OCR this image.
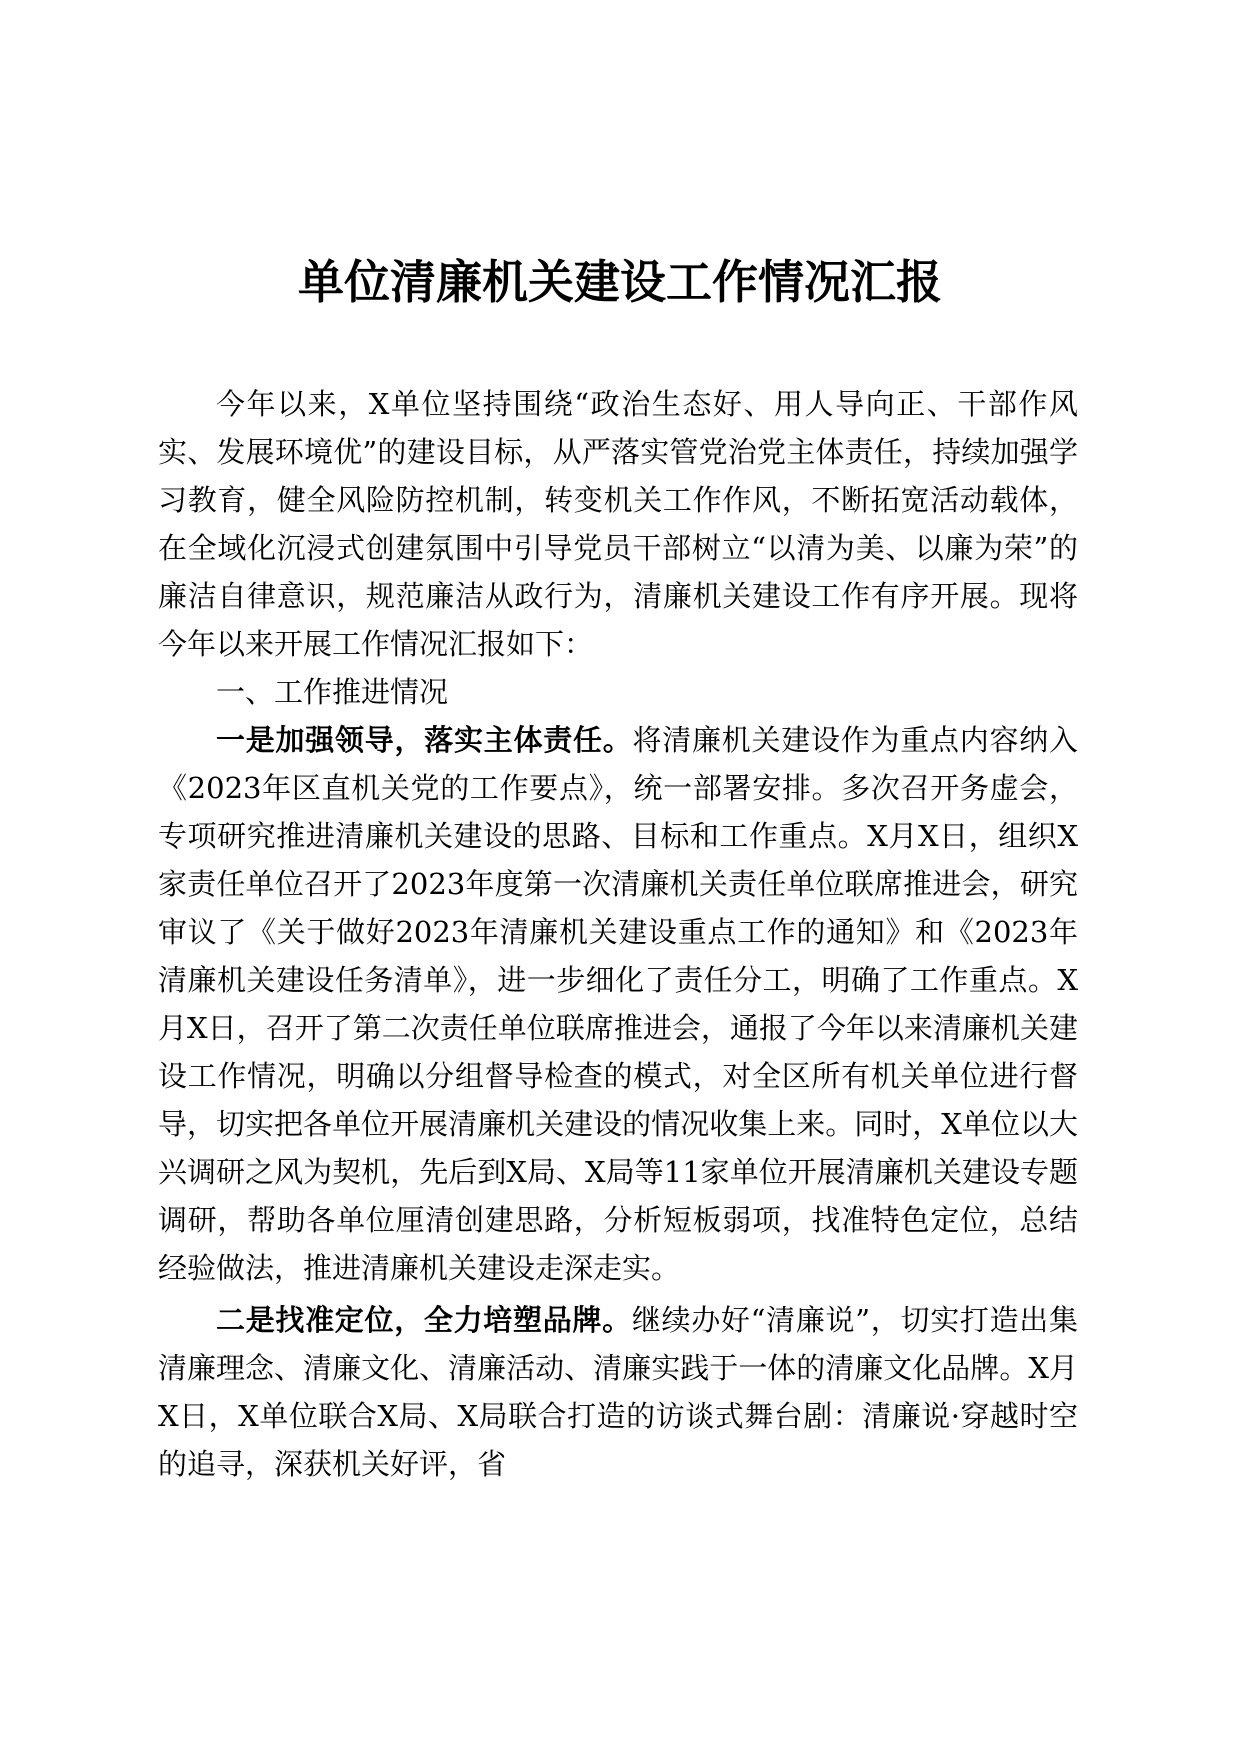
单位清廉机关建设工作情况汇报

今年以来，X单位坚持围绕“政治生态好、用人导向正、干部作风实、发展环境优”的建设目标，从严落实管党治党主体责任，持续加强学习教育，健全风险防控机制，转变机关工作作风，不断拓宽活动载体，在全域化沉浸式创建氛围中引导党员干部树立“以清为美、以廉为荣”的廉洁自律意识，规范廉洁从政行为，清廉机关建设工作有序开展。现将今年以来开展工作情况汇报如下：

一、工作推进情况

一是加强领导，落实主体责任。将清廉机关建设作为重点内容纳入《2023年区直机关党的工作要点》，统一部署安排。多次召开务虚会，专项研究推进清廉机关建设的思路、目标和工作重点。X月X日，组织X家责任单位召开了2023年度第一次清廉机关责任单位联席推进会，研究审议了《关于做好2023年清廉机关建设重点工作的通知》和《2023年清廉机关建设任务清单》，进一步细化了责任分工，明确了工作重点。X月X日，召开了第二次责任单位联席推进会，通报了今年以来清廉机关建设工作情况，明确以分组督导检查的模式，对全区所有机关单位进行督导，切实把各单位开展清廉机关建设的情况收集上来。同时，X单位以大兴调研之风为契机，先后到X局、X局等11家单位开展清廉机关建设专题调研，帮助各单位厘清创建思路，分析短板弱项，找准特色定位，总结经验做法，推进清廉机关建设走深走实。

二是找准定位，全力培塑品牌。继续办好“清廉说”，切实打造出集清廉理念、清廉文化、清廉活动、清廉实践于一体的清廉文化品牌。X月X日，X单位联合X局、X局联合打造的访谈式舞台剧：清廉说·穿越时空的追寻，深获机关好评，省
